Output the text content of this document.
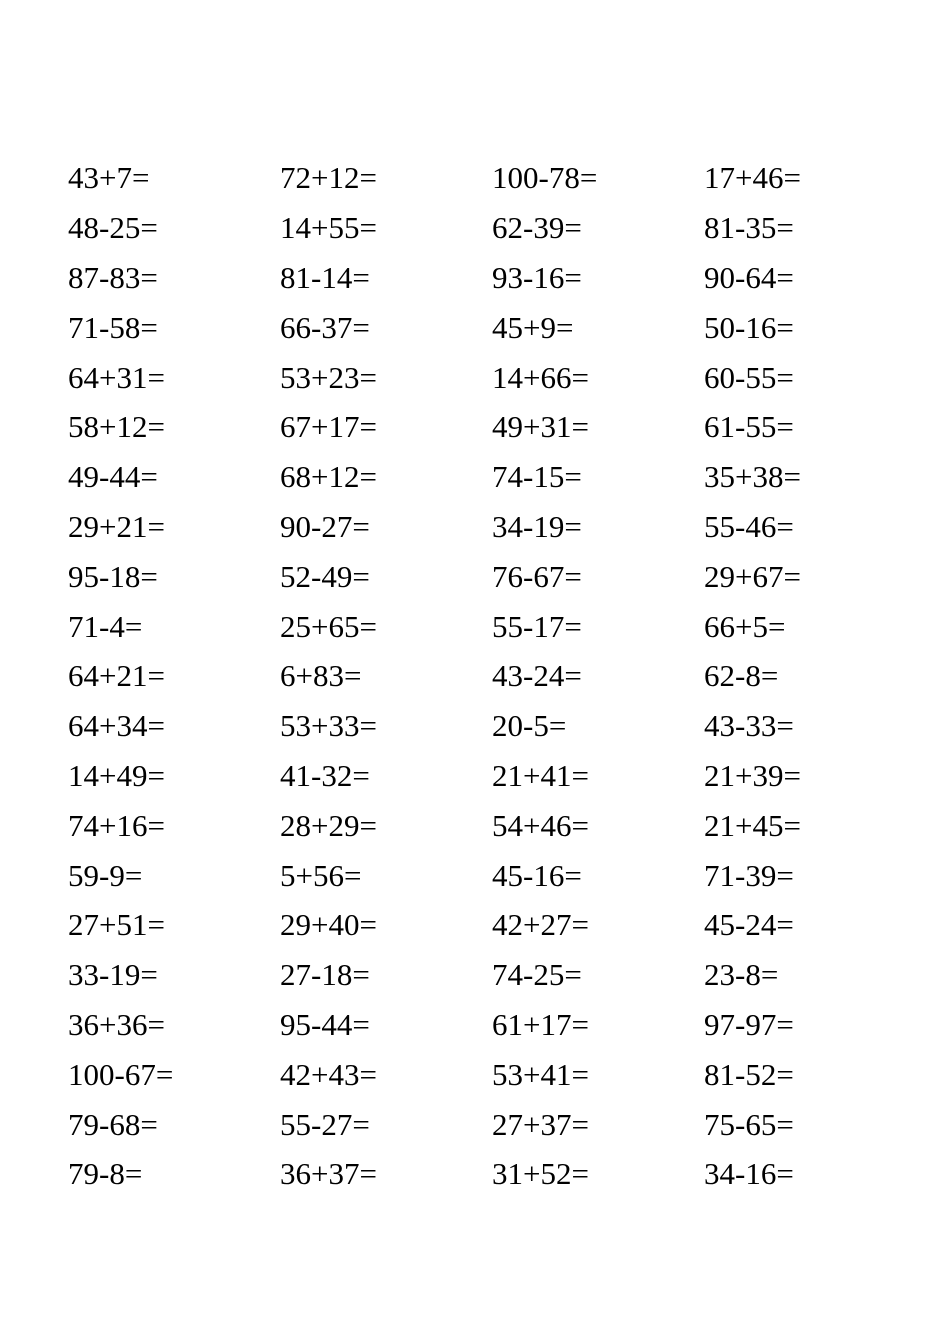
43+7=	72+12=	100-78=	17+46=
48-25=	14+55=	62-39=	81-35=
87-83=	81-14=	93-16=	90-64=
71-58=	66-37=	45+9=	50-16=
64+31=	53+23=	14+66=	60-55=
58+12=	67+17=	49+31=	61-55=
49-44=	68+12=	74-15=	35+38=
29+21=	90-27=	34-19=	55-46=
95-18=	52-49=	76-67=	29+67=
71-4=	25+65=	55-17=	66+5=
64+21=	6+83=	43-24=	62-8=
64+34=	53+33=	20-5=	43-33=
14+49=	41-32=	21+41=	21+39=
74+16=	28+29=	54+46=	21+45=
59-9=	5+56=	45-16=	71-39=
27+51=	29+40=	42+27=	45-24=
33-19=	27-18=	74-25=	23-8=
36+36=	95-44=	61+17=	97-97=
100-67=	42+43=	53+41=	81-52=
79-68=	55-27=	27+37=	75-65=
79-8=	36+37=	31+52=	34-16=
